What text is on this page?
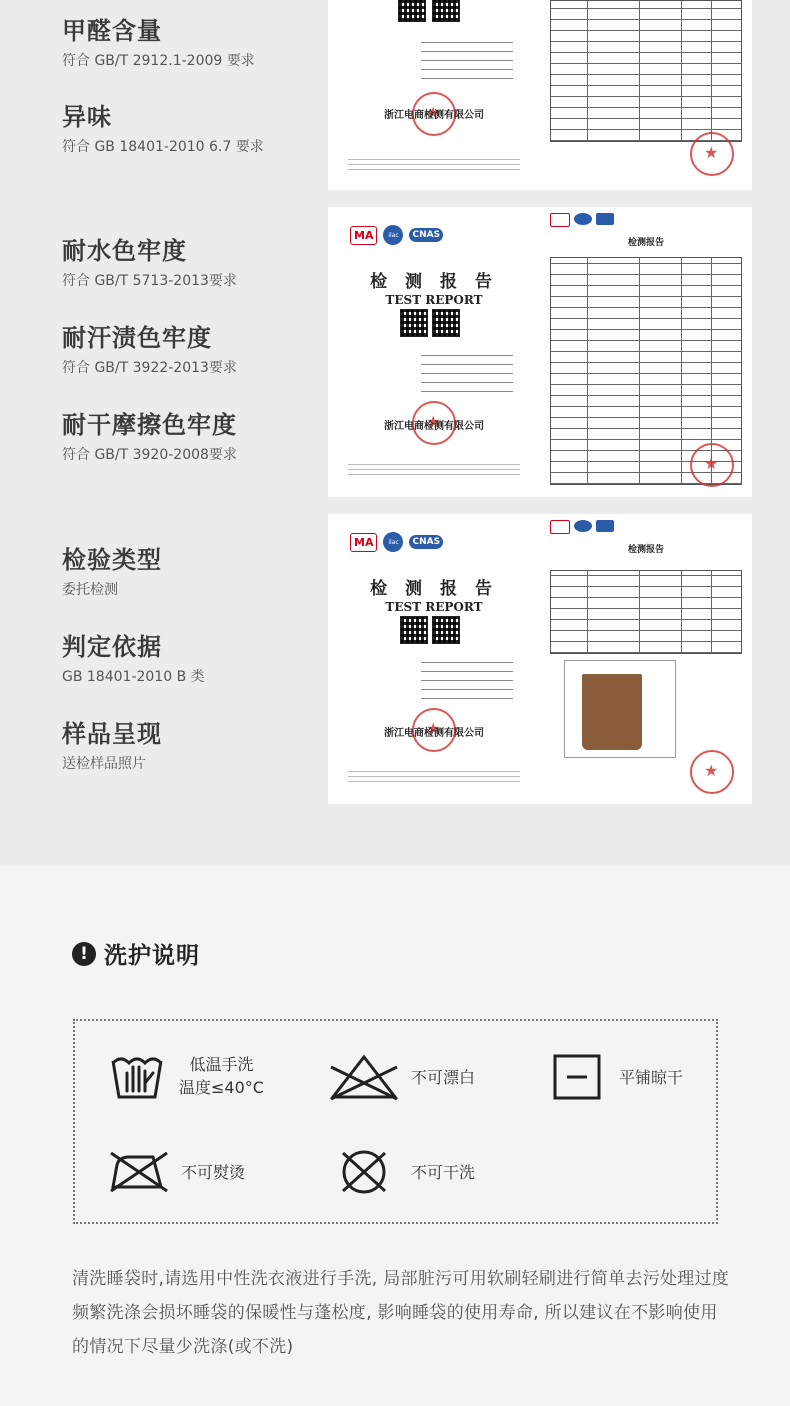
甲醛含量
符合 GB/T 2912.1-2009 要求
异味
符合 GB 18401-2010 6.7 要求
耐水色牢度
符合 GB/T 5713-2013要求
耐汗渍色牢度
符合 GB/T 3922-2013要求
耐干摩擦色牢度
符合 GB/T 3920-2008要求
检验类型
委托检测
判定依据
GB 18401-2010 B 类
样品呈现
送检样品照片
★
浙江电商检测有限公司
★
MA	ilac	CNAS
检 测 报 告
TEST REPORT
★
浙江电商检测有限公司
检测报告
★
MA	ilac	CNAS
检 测 报 告
TEST REPORT
★
浙江电商检测有限公司
检测报告
★
! 洗护说明
低温手洗
温度≤40°C
不可漂白	平铺晾干
不可熨烫	不可干洗
清洗睡袋时,请选用中性洗衣液进行手洗, 局部脏污可用软刷轻刷进行简单去污处理过度频繁洗涤会损坏睡袋的保暖性与蓬松度, 影响睡袋的使用寿命, 所以建议在不影响使用的情况下尽量少洗涤(或不洗)
